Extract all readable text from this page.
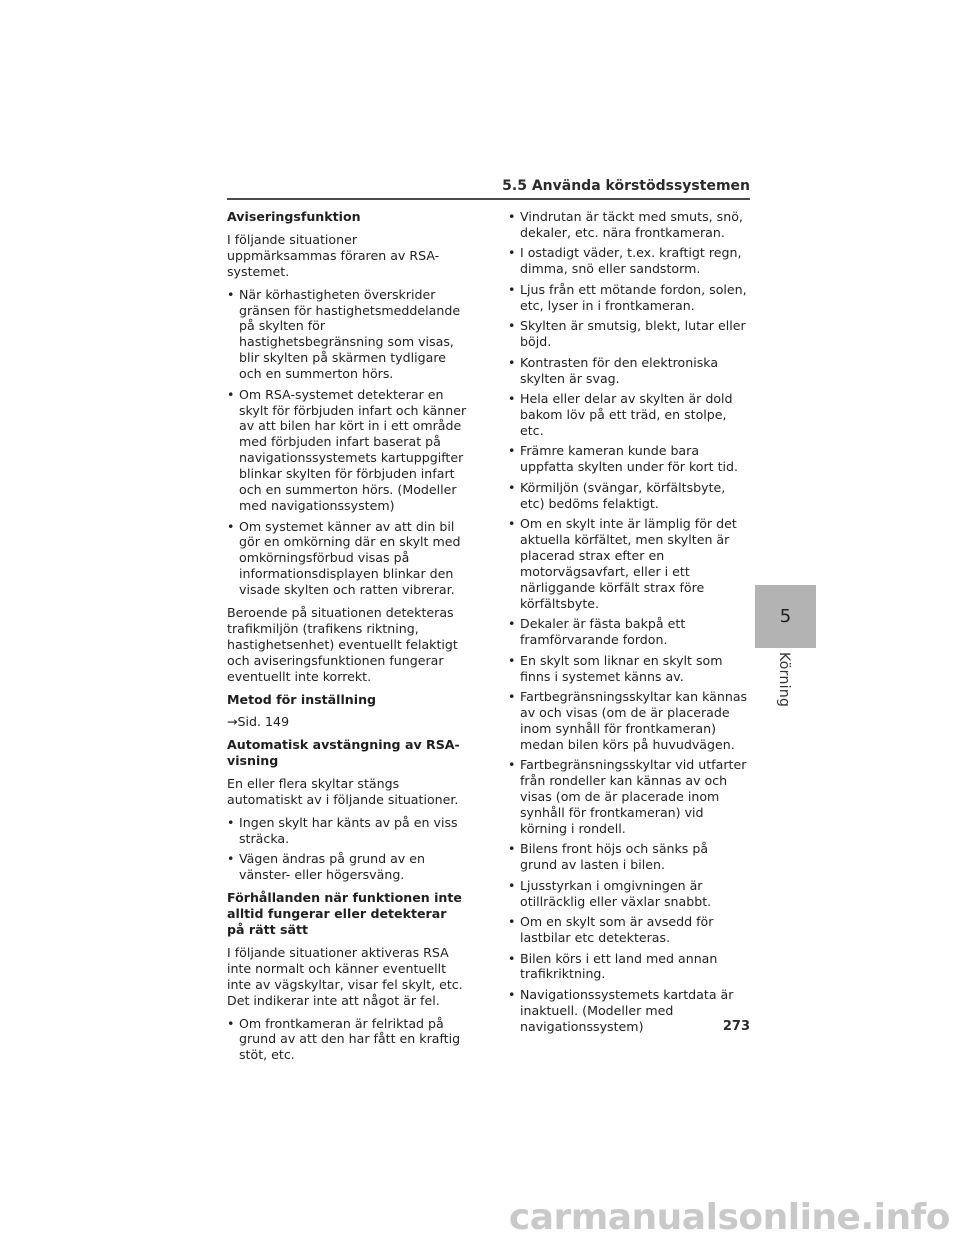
5.5 Använda körstödssystemen
Aviseringsfunktion
I följande situationer uppmärksammas föraren av RSA-systemet.
• När körhastigheten överskrider gränsen för hastighetsmeddelande på skylten för hastighetsbegränsning som visas, blir skylten på skärmen tydligare och en summerton hörs.
• Om RSA-systemet detekterar en skylt för förbjuden infart och känner av att bilen har kört in i ett område med förbjuden infart baserat på navigationssystemets kartuppgifter blinkar skylten för förbjuden infart och en summerton hörs. (Modeller med navigationssystem)
• Om systemet känner av att din bil gör en omkörning där en skylt med omkörningsförbud visas på informationsdisplayen blinkar den visade skylten och ratten vibrerar.
Beroende på situationen detekteras trafikmiljön (trafikens riktning, hastighetsenhet) eventuellt felaktigt och aviseringsfunktionen fungerar eventuellt inte korrekt.
Metod för inställning
→Sid. 149
Automatisk avstängning av RSA-visning
En eller flera skyltar stängs automatiskt av i följande situationer.
• Ingen skylt har känts av på en viss sträcka.
• Vägen ändras på grund av en vänster- eller högersväng.
Förhållanden när funktionen inte alltid fungerar eller detekterar på rätt sätt
I följande situationer aktiveras RSA inte normalt och känner eventuellt inte av vägskyltar, visar fel skylt, etc. Det indikerar inte att något är fel.
• Om frontkameran är felriktad på grund av att den har fått en kraftig stöt, etc.
• Vindrutan är täckt med smuts, snö, dekaler, etc. nära frontkameran.
• I ostadigt väder, t.ex. kraftigt regn, dimma, snö eller sandstorm.
• Ljus från ett mötande fordon, solen, etc, lyser in i frontkameran.
• Skylten är smutsig, blekt, lutar eller böjd.
• Kontrasten för den elektroniska skylten är svag.
• Hela eller delar av skylten är dold bakom löv på ett träd, en stolpe, etc.
• Främre kameran kunde bara uppfatta skylten under för kort tid.
• Körmiljön (svängar, körfältsbyte, etc) bedöms felaktigt.
• Om en skylt inte är lämplig för det aktuella körfältet, men skylten är placerad strax efter en motorvägsavfart, eller i ett närliggande körfält strax före körfältsbyte.
• Dekaler är fästa bakpå ett framförvarande fordon.
• En skylt som liknar en skylt som finns i systemet känns av.
• Fartbegränsningsskyltar kan kännas av och visas (om de är placerade inom synhåll för frontkameran) medan bilen körs på huvudvägen.
• Fartbegränsningsskyltar vid utfarter från rondeller kan kännas av och visas (om de är placerade inom synhåll för frontkameran) vid körning i rondell.
• Bilens front höjs och sänks på grund av lasten i bilen.
• Ljusstyrkan i omgivningen är otillräcklig eller växlar snabbt.
• Om en skylt som är avsedd för lastbilar etc detekteras.
• Bilen körs i ett land med annan trafikriktning.
• Navigationssystemets kartdata är inaktuell. (Modeller med navigationssystem)
5
Körning
273
carmanualsonline.info
